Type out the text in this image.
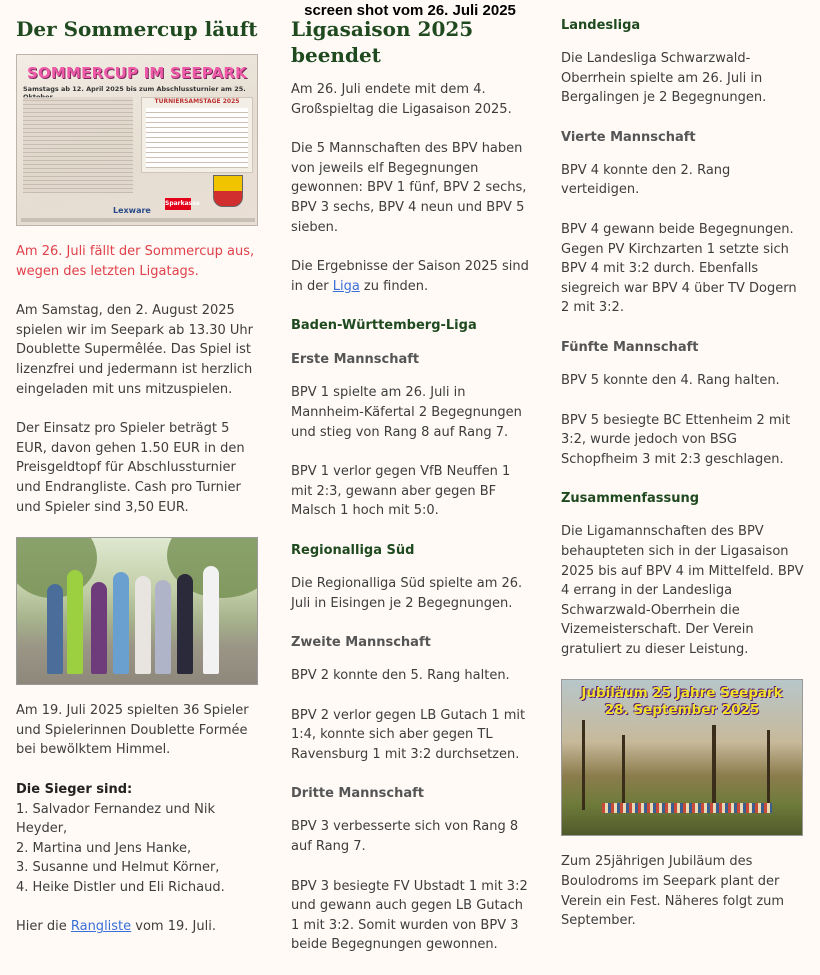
screen shot vom 26. Juli 2025
Der Sommercup läuft
SOMMERCUP IM SEEPARK
Samstags ab 12. April 2025 bis zum Abschlussturnier am 25.
TURNIERSAMSTAGE 2025
Lexware
Sparkasse

Am 26. Juli fällt der Sommercup aus, wegen des letzten Ligatags.

Am Samstag, den 2. August 2025 spielen wir im Seepark ab 13.30 Uhr Doublette Superm​êlée. Das Spiel ist lizenzfrei und jedermann ist herzlich eingeladen mit uns mitzuspielen.

Der Einsatz pro Spieler beträgt 5 EUR, davon gehen 1.50 EUR in den Preisgeldtopf für Abschlussturnier und Endrangliste. Cash pro Turnier und Spieler sind 3,50 EUR.

Am 19. Juli 2025 spielten 36 Spieler und Spielerinnen Doublette Formée bei bewölktem Himmel.

Die Sieger sind:
1. Salvador Fernandez und Nik Heyder,
2. Martina und Jens Hanke,
3. Susanne und Helmut Körner,
4. Heike Distler und Eli Richaud.

Hier die Rangliste vom 19. Juli.

Ligasaison 2025 beendet

Am 26. Juli endete mit dem 4. Großspieltag die Ligasaison 2025.

Die 5 Mannschaften des BPV haben von jeweils elf Begegnungen gewonnen: BPV 1 fünf, BPV 2 sechs, BPV 3 sechs, BPV 4 neun und BPV 5 sieben.

Die Ergebnisse der Saison 2025 sind in der Liga zu finden.

Baden-Württemberg-Liga
Erste Mannschaft

BPV 1 spielte am 26. Juli in Mannheim-Käfertal 2 Begegnungen und stieg von Rang 8 auf Rang 7.

BPV 1 verlor gegen VfB Neuffen 1 mit 2:3, gewann aber gegen BF Malsch 1 hoch mit 5:0.

Regionalliga Süd

Die Regionalliga Süd spielte am 26. Juli in Eisingen je 2 Begegnungen.

Zweite Mannschaft

BPV 2 konnte den 5. Rang halten.

BPV 2 verlor gegen LB Gutach 1 mit 1:4, konnte sich aber gegen TL Ravensburg 1 mit 3:2 durchsetzen.

Dritte Mannschaft

BPV 3 verbesserte sich von Rang 8 auf Rang 7.

BPV 3 besiegte FV Ubstadt 1 mit 3:2 und gewann auch gegen LB Gutach 1 mit 3:2. Somit wurden von BPV 3 beide Begegnungen gewonnen.

Landesliga

Die Landesliga Schwarzwald-Oberrhein spielte am 26. Juli in Bergalingen je 2 Begegnungen.

Vierte Mannschaft

BPV 4 konnte den 2. Rang verteidigen.

BPV 4 gewann beide Begegnungen. Gegen PV Kirchzarten 1 setzte sich BPV 4 mit 3:2 durch. Ebenfalls siegreich war BPV 4 über TV Dogern 2 mit 3:2.

Fünfte Mannschaft

BPV 5 konnte den 4. Rang halten.

BPV 5 besiegte BC Ettenheim 2 mit 3:2, wurde jedoch von BSG Schopfheim 3 mit 2:3 geschlagen.

Zusammenfassung

Die Ligamannschaften des BPV behaupteten sich in der Ligasaison 2025 bis auf BPV 4 im Mittelfeld. BPV 4 errang in der Landesliga Schwarzwald-Oberrhein die Vizemeisterschaft. Der Verein gratuliert zu dieser Leistung.

Jubiläum 25 Jahre Seepark
28. September 2025

Zum 25jährigen Jubiläum des Boulodroms im Seepark plant der Verein ein Fest. Näheres folgt zum September.
